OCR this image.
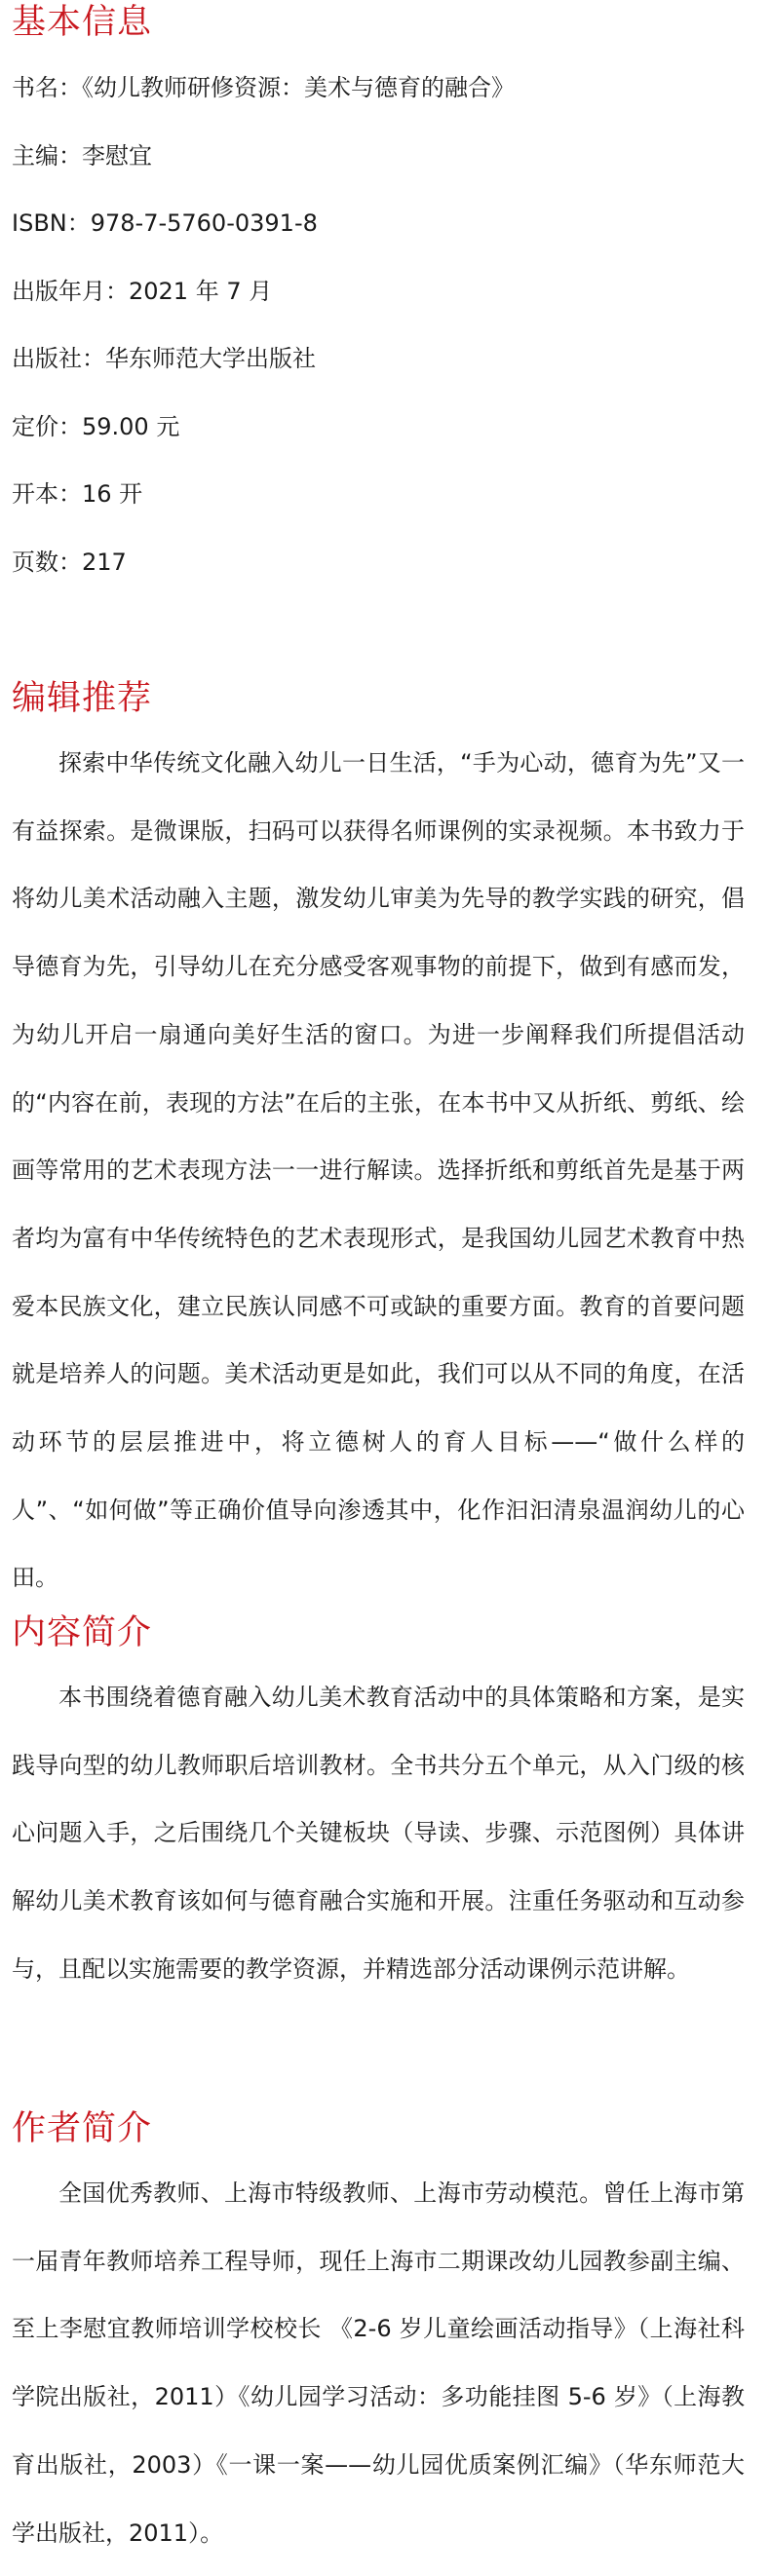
基本信息
书名：《幼儿教师研修资源：美术与德育的融合》
主编：李慰宜
ISBN：978-7-5760-0391-8
出版年月：2021 年 7 月
出版社：华东师范大学出版社
定价：59.00 元
开本：16 开
页数：217
编辑推荐

探索中华传统文化融入幼儿一日生活，“手为心动，德育为先”又一有益探索。是微课版，扫码可以获得名师课例的实录视频。本书致力于将幼儿美术活动融入主题，激发幼儿审美为先导的教学实践的研究，倡导德育为先，引导幼儿在充分感受客观事物的前提下，做到有感而发，为幼儿开启一扇通向美好生活的窗口。为进一步阐释我们所提倡活动的“内容在前，表现的方法”在后的主张，在本书中又从折纸、剪纸、绘画等常用的艺术表现方法一一进行解读。选择折纸和剪纸首先是基于两者均为富有中华传统特色的艺术表现形式，是我国幼儿园艺术教育中热爱本民族文化，建立民族认同感不可或缺的重要方面。教育的首要问题就是培养人的问题。美术活动更是如此，我们可以从不同的角度，在活动环节的层层推进中，将立德树人的育人目标——“做什么样的人”、“如何做”等正确价值导向渗透其中，化作汩汩清泉温润幼儿的心田。

内容简介

本书围绕着德育融入幼儿美术教育活动中的具体策略和方案，是实践导向型的幼儿教师职后培训教材。全书共分五个单元，从入门级的核心问题入手，之后围绕几个关键板块（导读、步骤、示范图例）具体讲解幼儿美术教育该如何与德育融合实施和开展。注重任务驱动和互动参与，且配以实施需要的教学资源，并精选部分活动课例示范讲解。

作者简介

全国优秀教师、上海市特级教师、上海市劳动模范。曾任上海市第一届青年教师培养工程导师，现任上海市二期课改幼儿园教参副主编、至上李慰宜教师培训学校校长 《2-6 岁儿童绘画活动指导》（上海社科学院出版社，2011）《幼儿园学习活动：多功能挂图 5-6 岁》（上海教育出版社，2003）《一课一案——幼儿园优质案例汇编》（华东师范大学出版社，2011）。
